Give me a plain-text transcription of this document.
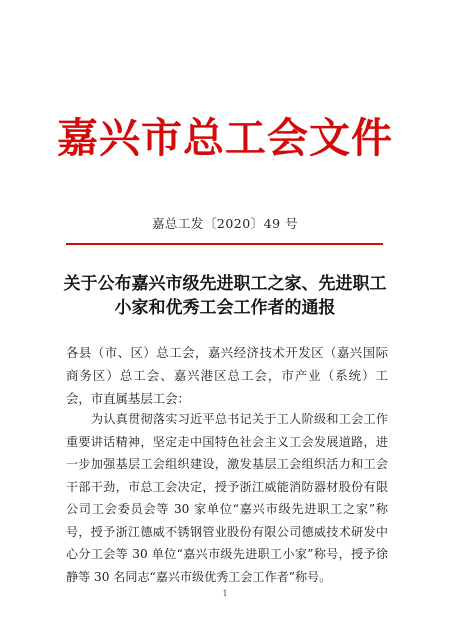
嘉兴市总工会文件
嘉总工发〔2020〕49 号
关于公布嘉兴市级先进职工之家、先进职工
小家和优秀工会工作者的通报
各县（市、区）总工会，嘉兴经济技术开发区（嘉兴国际商务区）总工会、嘉兴港区总工会，市产业（系统）工会，市直属基层工会：
为认真贯彻落实习近平总书记关于工人阶级和工会工作重要讲话精神，坚定走中国特色社会主义工会发展道路，进一步加强基层工会组织建设，激发基层工会组织活力和工会干部干劲，市总工会决定，授予浙江威能消防器材股份有限公司工会委员会等 30 家单位“嘉兴市级先进职工之家”称号，授予浙江德威不锈钢管业股份有限公司德威技术研发中心分工会等 30 单位“嘉兴市级先进职工小家”称号，授予徐静等 30 名同志“嘉兴市级优秀工会工作者”称号。
1
